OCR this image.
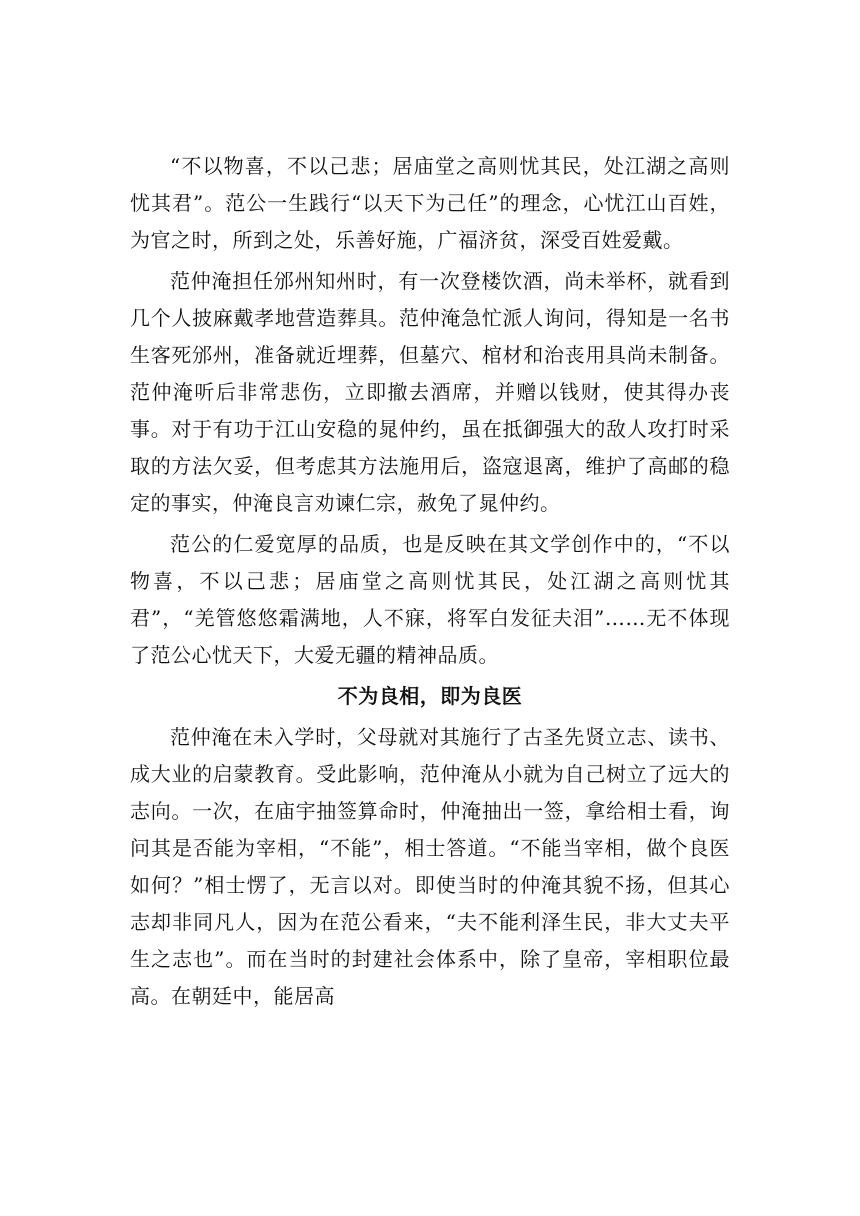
“不以物喜，不以己悲；居庙堂之高则忧其民，处江湖之高则忧其君”。范公一生践行“以天下为己任”的理念，心忧江山百姓，为官之时，所到之处，乐善好施，广福济贫，深受百姓爱戴。

范仲淹担任邠州知州时，有一次登楼饮酒，尚未举杯，就看到几个人披麻戴孝地营造葬具。范仲淹急忙派人询问，得知是一名书生客死邠州，准备就近埋葬，但墓穴、棺材和治丧用具尚未制备。范仲淹听后非常悲伤，立即撤去酒席，并赠以钱财，使其得办丧事。对于有功于江山安稳的晁仲约，虽在抵御强大的敌人攻打时采取的方法欠妥，但考虑其方法施用后，盗寇退离，维护了高邮的稳定的事实，仲淹良言劝谏仁宗，赦免了晁仲约。

范公的仁爱宽厚的品质，也是反映在其文学创作中的，“不以物喜，不以己悲；居庙堂之高则忧其民，处江湖之高则忧其君”，“羌管悠悠霜满地，人不寐，将军白发征夫泪”……无不体现了范公心忧天下，大爱无疆的精神品质。

不为良相，即为良医

范仲淹在未入学时，父母就对其施行了古圣先贤立志、读书、成大业的启蒙教育。受此影响，范仲淹从小就为自己树立了远大的志向。一次，在庙宇抽签算命时，仲淹抽出一签，拿给相士看，询问其是否能为宰相，“不能”，相士答道。“不能当宰相，做个良医如何？”相士愣了，无言以对。即使当时的仲淹其貌不扬，但其心志却非同凡人，因为在范公看来，“夫不能利泽生民，非大丈夫平生之志也”。而在当时的封建社会体系中，除了皇帝，宰相职位最高。在朝廷中，能居高
